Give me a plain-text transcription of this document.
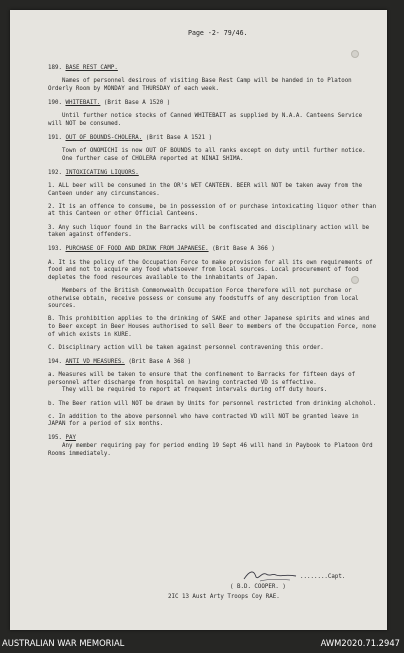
Page -2- 79/46.
189. BASE REST CAMP.
Names of personnel desirous of visiting Base Rest Camp will be handed in to Platoon Orderly Room by MONDAY and THURSDAY of each week.
190. WHITEBAIT. (Brit Base A 1520 )
Until further notice stocks of Canned WHITEBAIT as supplied by N.A.A. Canteens Service will NOT be consumed.
191. OUT OF BOUNDS-CHOLERA. (Brit Base A 1521 )
Town of ONOMICHI is now OUT OF BOUNDS to all ranks except on duty until further notice.
One further case of CHOLERA reported at NINAI SHIMA.
192. INTOXICATING LIQUORS.
1. ALL beer will be consumed in the OR's WET CANTEEN. BEER will NOT be taken away from the Canteen under any circumstances.
2. It is an offence to consume, be in possession of or purchase intoxicating liquor other than at this Canteen or other Official Canteens.
3. Any such liquor found in the Barracks will be confiscated and disciplinary action will be taken against offenders.
193. PURCHASE OF FOOD AND DRINK FROM JAPANESE. (Brit Base A 366 )
A. It is the policy of the Occupation Force to make provision for all its own requirements of food and not to acquire any food whatsoever from local sources. Local procurement of food depletes the food resources available to the inhabitants of Japan.
Members of the British Commonwealth Occupation Force therefore will not purchase or otherwise obtain, receive possess or consume any foodstuffs of any description from local sources.
B. This prohibition applies to the drinking of SAKE and other Japanese spirits and wines and to Beer except in Beer Houses authorised to sell Beer to members of the Occupation Force, none of which exists in KURE.
C. Disciplinary action will be taken against personnel contravening this order.
194. ANTI VD MEASURES. (Brit Base A 368 )
a. Measures will be taken to ensure that the confinement to Barracks for fifteen days of personnel after discharge from hospital on having contracted VD is effective.
They will be required to report at frequent intervals during off duty hours.
b. The Beer ration will NOT be drawn by Units for personnel restricted from drinking alchohol.
c. In addition to the above personnel who have contracted VD will NOT be granted leave in JAPAN for a period of six months.
195. PAY
Any member requiring pay for period ending 19 Sept 46 will hand in Paybook to Platoon Ord Rooms immediately.
........Capt.
( B.D. COOPER. )
2IC 13 Aust Arty Troops Coy RAE.
AUSTRALIAN WAR MEMORIAL	AWM2020.71.2947
